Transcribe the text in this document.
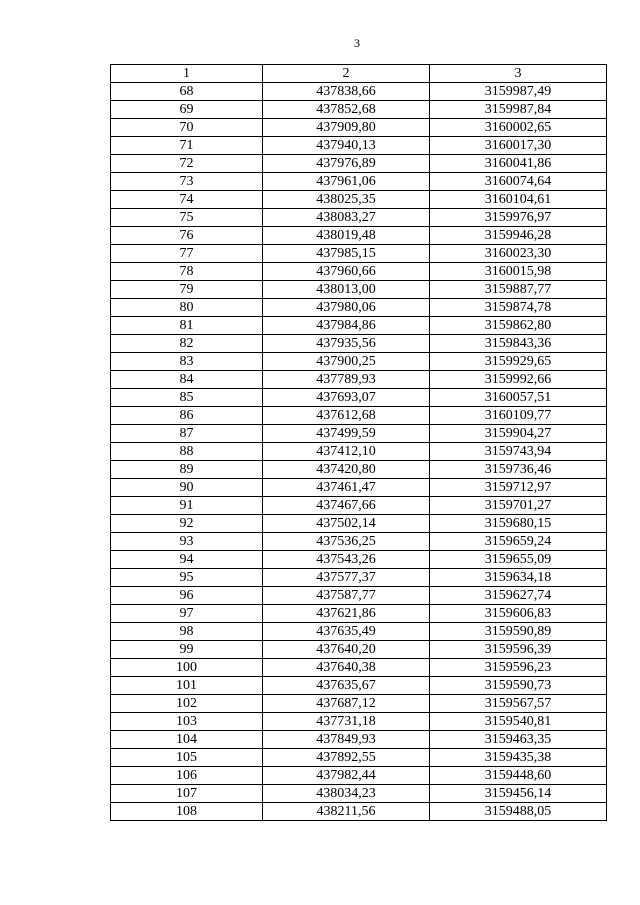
3
1	2	3
68	437838,66	3159987,49
69	437852,68	3159987,84
70	437909,80	3160002,65
71	437940,13	3160017,30
72	437976,89	3160041,86
73	437961,06	3160074,64
74	438025,35	3160104,61
75	438083,27	3159976,97
76	438019,48	3159946,28
77	437985,15	3160023,30
78	437960,66	3160015,98
79	438013,00	3159887,77
80	437980,06	3159874,78
81	437984,86	3159862,80
82	437935,56	3159843,36
83	437900,25	3159929,65
84	437789,93	3159992,66
85	437693,07	3160057,51
86	437612,68	3160109,77
87	437499,59	3159904,27
88	437412,10	3159743,94
89	437420,80	3159736,46
90	437461,47	3159712,97
91	437467,66	3159701,27
92	437502,14	3159680,15
93	437536,25	3159659,24
94	437543,26	3159655,09
95	437577,37	3159634,18
96	437587,77	3159627,74
97	437621,86	3159606,83
98	437635,49	3159590,89
99	437640,20	3159596,39
100	437640,38	3159596,23
101	437635,67	3159590,73
102	437687,12	3159567,57
103	437731,18	3159540,81
104	437849,93	3159463,35
105	437892,55	3159435,38
106	437982,44	3159448,60
107	438034,23	3159456,14
108	438211,56	3159488,05
